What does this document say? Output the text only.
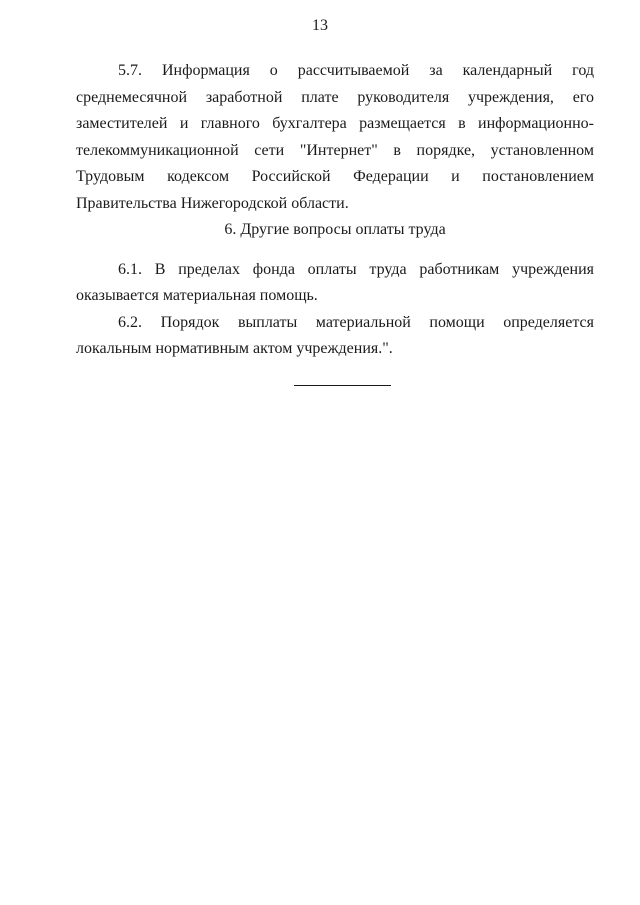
13

5.7. Информация о рассчитываемой за календарный год среднемесячной заработной плате руководителя учреждения, его заместителей и главного бухгалтера размещается в информационно-телекоммуникационной сети "Интернет" в порядке, установленном Трудовым кодексом Российской Федерации и постановлением Правительства Нижегородской области.

6. Другие вопросы оплаты труда

6.1. В пределах фонда оплаты труда работникам учреждения оказывается материальная помощь.

6.2. Порядок выплаты материальной помощи определяется локальным нормативным актом учреждения.".
